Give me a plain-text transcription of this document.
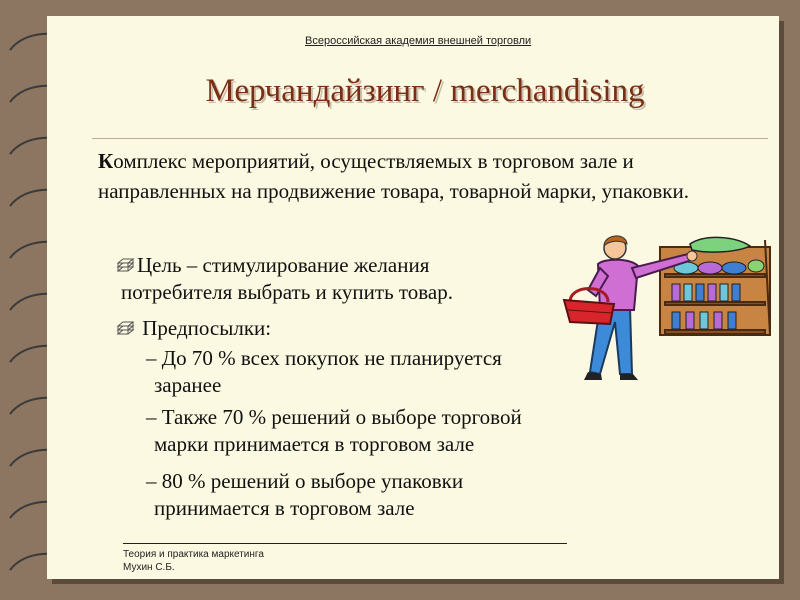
Всероссийская академия внешней торговли
Мерчандайзинг / merchandising
Комплекс мероприятий, осуществляемых в торговом зале и направленных на продвижение товара, товарной марки, упаковки.
Цель – стимулирование желания
потребителя выбрать и купить товар.
Предпосылки:
– До 70 % всех покупок не планируется
заранее
– Также 70 % решений о выборе торговой
марки принимается в торговом зале
– 80 % решений о выборе упаковки
принимается в торговом зале
Теория и практика маркетинга
Мухин С.Б.
